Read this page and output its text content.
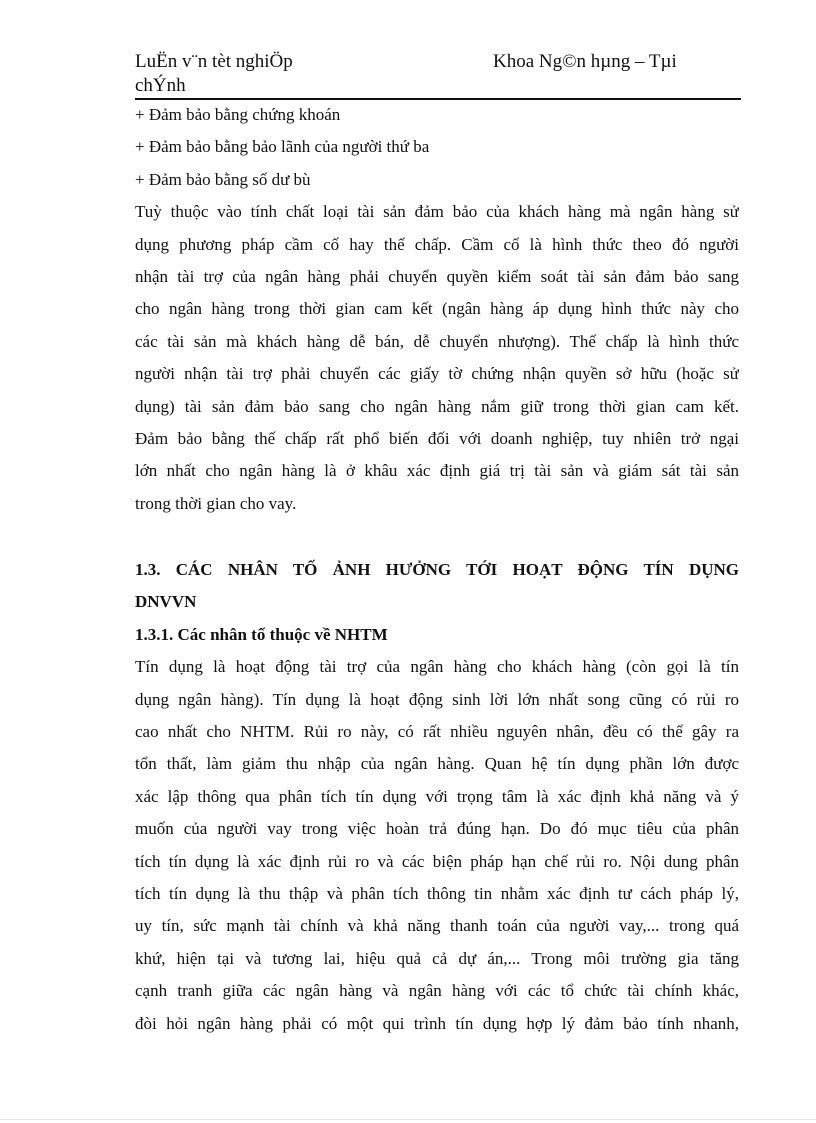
LuËn v¨n tèt nghiÖp
chÝnh
Khoa Ng©n hµng – Tµi
+ Đảm bảo bằng chứng khoán
+ Đảm bảo bằng bảo lãnh của người thứ ba
+ Đảm bảo bằng số dư bù
Tuỳ thuộc vào tính chất loại tài sản đảm bảo của khách hàng mà ngân hàng sử
dụng phương pháp cầm cố hay thế chấp. Cầm cố là hình thức theo đó người
nhận tài trợ của ngân hàng phải chuyển quyền kiểm soát tài sản đảm bảo sang
cho ngân hàng trong thời gian cam kết (ngân hàng áp dụng hình thức này cho
các tài sản mà khách hàng dễ bán, dễ chuyển nhượng). Thế chấp là hình thức
người nhận tài trợ phải chuyển các giấy tờ chứng nhận quyền sở hữu (hoặc sử
dụng) tài sản đảm bảo sang cho ngân hàng nắm giữ trong thời gian cam kết.
Đảm bảo bằng thế chấp rất phổ biến đối với doanh nghiệp, tuy nhiên trở ngại
lớn nhất cho ngân hàng là ở khâu xác định giá trị tài sản và giám sát tài sản
trong thời gian cho vay.
1.3. CÁC NHÂN TỐ ẢNH HƯỞNG TỚI HOẠT ĐỘNG TÍN DỤNG
DNVVN
1.3.1. Các nhân tố thuộc về NHTM
Tín dụng là hoạt động tài trợ của ngân hàng cho khách hàng (còn gọi là tín
dụng ngân hàng). Tín dụng là hoạt động sinh lời lớn nhất song cũng có rủi ro
cao nhất cho NHTM. Rủi ro này, có rất nhiều nguyên nhân, đều có thể gây ra
tổn thất, làm giảm thu nhập của ngân hàng. Quan hệ tín dụng phần lớn được
xác lập thông qua phân tích tín dụng với trọng tâm là xác định khả năng và ý
muốn của người vay trong việc hoàn trả đúng hạn. Do đó mục tiêu của phân
tích tín dụng là xác định rủi ro và các biện pháp hạn chế rủi ro. Nội dung phân
tích tín dụng là thu thập và phân tích thông tin nhằm xác định tư cách pháp lý,
uy tín, sức mạnh tài chính và khả năng thanh toán của người vay,... trong quá
khứ, hiện tại và tương lai, hiệu quả cả dự án,... Trong môi trường gia tăng
cạnh tranh giữa các ngân hàng và ngân hàng với các tổ chức tài chính khác,
đòi hỏi ngân hàng phải có một qui trình tín dụng hợp lý đảm bảo tính nhanh,
